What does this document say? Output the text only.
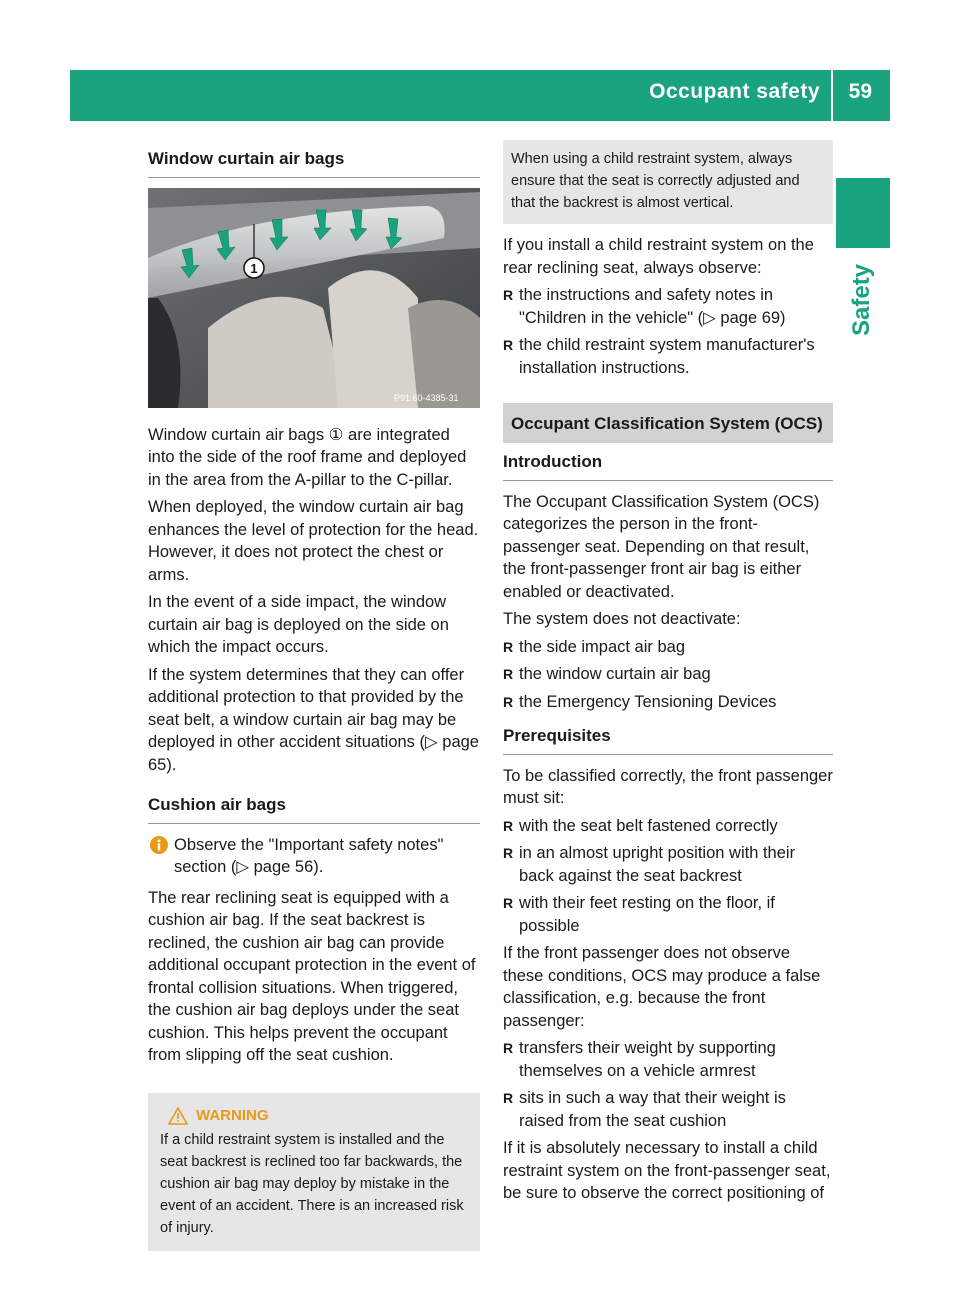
Occupant safety 59
Safety
Window curtain air bags
P91.60-4385-31
1

Window curtain air bags ① are integrated into the side of the roof frame and deployed in the area from the A-pillar to the C-pillar.

When deployed, the window curtain air bag enhances the level of protection for the head. However, it does not protect the chest or arms.

In the event of a side impact, the window curtain air bag is deployed on the side on which the impact occurs.

If the system determines that they can offer additional protection to that provided by the seat belt, a window curtain air bag may be deployed in other accident situations (▷ page 65).

Cushion air bags
Observe the "Important safety notes" section (▷ page 56).

The rear reclining seat is equipped with a cushion air bag. If the seat backrest is reclined, the cushion air bag can provide additional occupant protection in the event of frontal collision situations. When triggered, the cushion air bag deploys under the seat cushion. This helps prevent the occupant from slipping off the seat cushion.

WARNING
If a child restraint system is installed and the seat backrest is reclined too far backwards, the cushion air bag may deploy by mistake in the event of an accident. There is an increased risk of injury.
When using a child restraint system, always ensure that the seat is correctly adjusted and that the backrest is almost vertical.

If you install a child restraint system on the rear reclining seat, always observe:

R the instructions and safety notes in "Children in the vehicle" (▷ page 69)
R the child restraint system manufacturer's installation instructions.
Occupant Classification System (OCS)
Introduction

The Occupant Classification System (OCS) categorizes the person in the front-passenger seat. Depending on that result, the front-passenger front air bag is either enabled or deactivated.

The system does not deactivate:

R the side impact air bag
R the window curtain air bag
R the Emergency Tensioning Devices
Prerequisites

To be classified correctly, the front passenger must sit:

R with the seat belt fastened correctly
R in an almost upright position with their back against the seat backrest
R with their feet resting on the floor, if possible

If the front passenger does not observe these conditions, OCS may produce a false classification, e.g. because the front passenger:

R transfers their weight by supporting themselves on a vehicle armrest
R sits in such a way that their weight is raised from the seat cushion

If it is absolutely necessary to install a child restraint system on the front-passenger seat, be sure to observe the correct positioning of
